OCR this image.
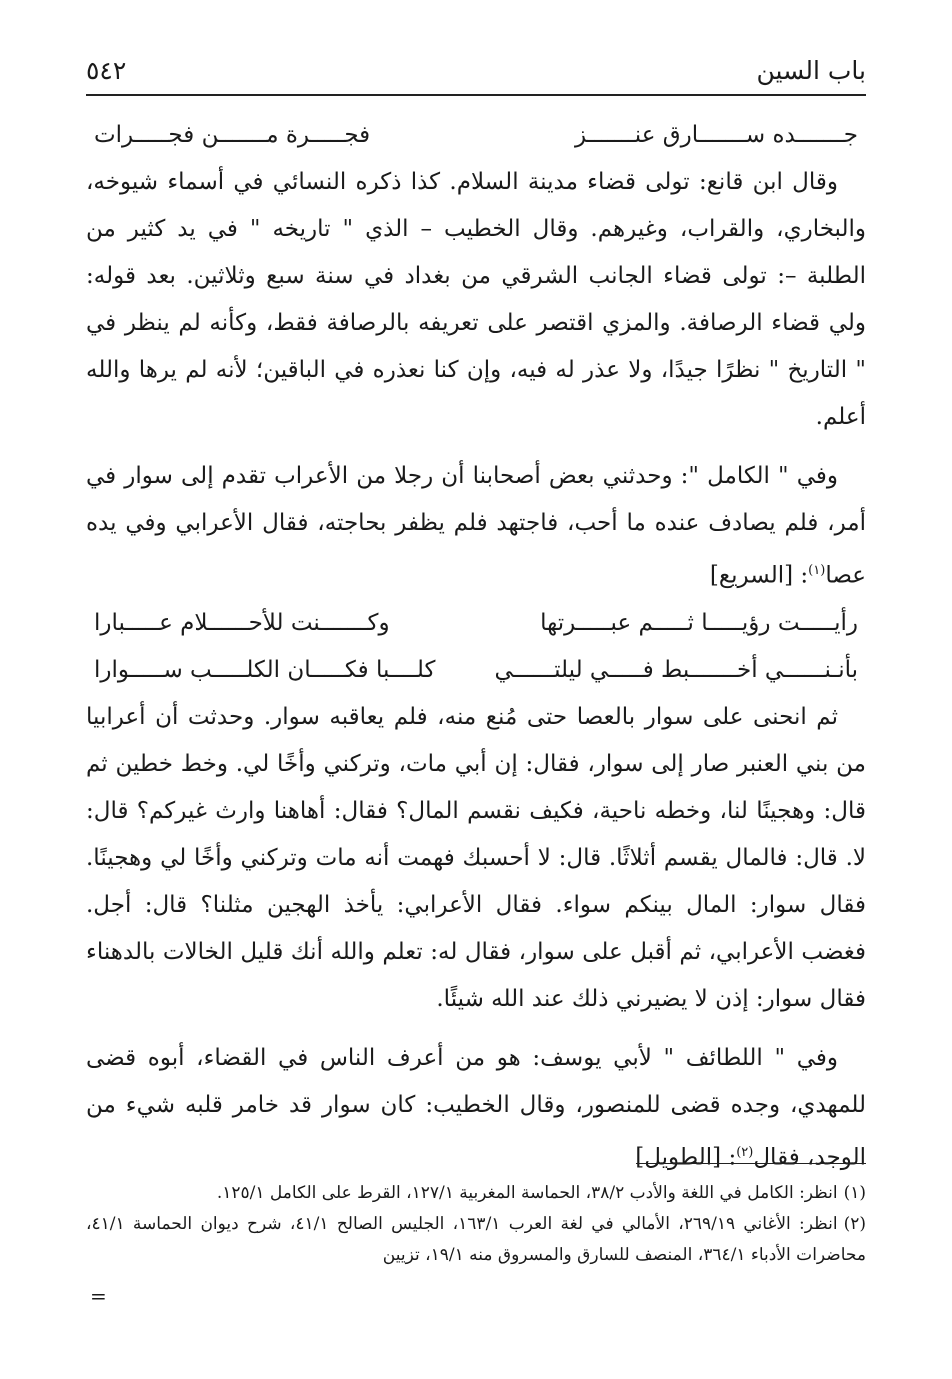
باب السين
٥٤٢
جـــــــده ســـــــارق عنـــــــز
فجـــــرة مـــــــن فجـــــرات

وقال ابن قانع: تولى قضاء مدينة السلام. كذا ذكره النسائي في أسماء شيوخه، والبخاري، والقراب، وغيرهم. وقال الخطيب – الذي " تاريخه " في يد كثير من الطلبة –: تولى قضاء الجانب الشرقي من بغداد في سنة سبع وثلاثين. بعد قوله: ولي قضاء الرصافة. والمزي اقتصر على تعريفه بالرصافة فقط، وكأنه لم ينظر في " التاريخ " نظرًا جيدًا، ولا عذر له فيه، وإن كنا نعذره في الباقين؛ لأنه لم يرها والله أعلم.

وفي " الكامل ": وحدثني بعض أصحابنا أن رجلا من الأعراب تقدم إلى سوار في أمر، فلم يصادف عنده ما أحب، فاجتهد فلم يظفر بحاجته، فقال الأعرابي وفي يده عصا$^{(١)}$: [السريع]

رأيـــــت رؤيـــــا ثـــــم عبـــــرتها
وكـــــــنت للأحــــــلام عـــــبارا
بأنـنــــــي أخـــــــبط فـــــي ليلتــــــي
كلــــبا فكـــــان الكلـــــب ســـــوارا

ثم انحنى على سوار بالعصا حتى مُنع منه، فلم يعاقبه سوار. وحدثت أن أعرابيا من بني العنبر صار إلى سوار، فقال: إن أبي مات، وتركني وأخًا لي. وخط خطين ثم قال: وهجينًا لنا، وخطه ناحية، فكيف نقسم المال؟ فقال: أهاهنا وارث غيركم؟ قال: لا. قال: فالمال يقسم أثلاثًا. قال: لا أحسبك فهمت أنه مات وتركني وأخًا لي وهجينًا. فقال سوار: المال بينكم سواء. فقال الأعرابي: يأخذ الهجين مثلنا؟ قال: أجل. فغضب الأعرابي، ثم أقبل على سوار، فقال له: تعلم والله أنك قليل الخالات بالدهناء فقال سوار: إذن لا يضيرني ذلك عند الله شيئًا.

وفي " اللطائف " لأبي يوسف: هو من أعرف الناس في القضاء، أبوه قضى للمهدي، وجده قضى للمنصور، وقال الخطيب: كان سوار قد خامر قلبه شيء من الوجد، فقال$^{(٢)}$: [الطويل]

(١)انظر: الكامل في اللغة والأدب ٣٨/٢، الحماسة المغربية ١٢٧/١، القرط على الكامل ١٢٥/١.

(٢)انظر: الأغاني ٢٦٩/١٩، الأمالي في لغة العرب ١٦٣/١، الجليس الصالح ٤١/١، شرح ديوان الحماسة ٤١/١، محاضرات الأدباء ٣٦٤/١، المنصف للسارق والمسروق منه ١٩/١، تزيين

=
